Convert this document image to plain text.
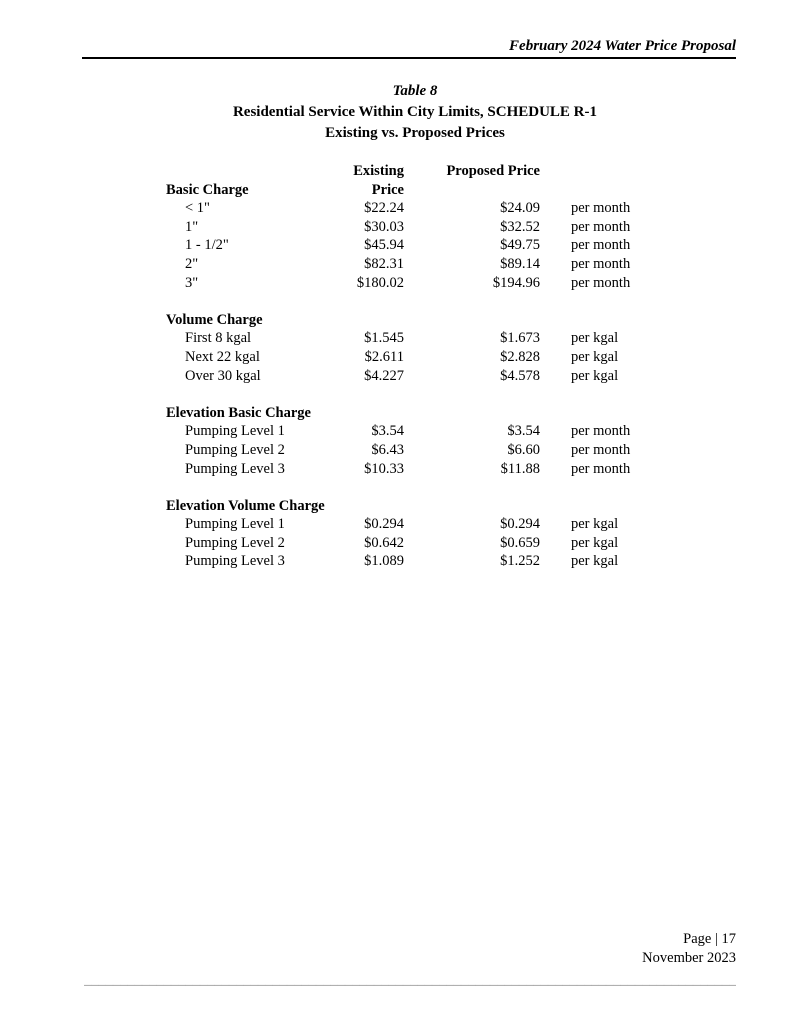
February 2024 Water Price Proposal
Table 8
Residential Service Within City Limits, SCHEDULE R-1
Existing vs. Proposed Prices
Existing Price
Proposed Price
Basic Charge
< 1"	$22.24	$24.09	per month
1"	$30.03	$32.52	per month
1 - 1/2"	$45.94	$49.75	per month
2"	$82.31	$89.14	per month
3"	$180.02	$194.96	per month
Volume Charge
First 8 kgal	$1.545	$1.673	per kgal
Next 22 kgal	$2.611	$2.828	per kgal
Over 30 kgal	$4.227	$4.578	per kgal
Elevation Basic Charge
Pumping Level 1	$3.54	$3.54	per month
Pumping Level 2	$6.43	$6.60	per month
Pumping Level 3	$10.33	$11.88	per month
Elevation Volume Charge
Pumping Level 1	$0.294	$0.294	per kgal
Pumping Level 2	$0.642	$0.659	per kgal
Pumping Level 3	$1.089	$1.252	per kgal
Page | 17
November 2023
__________________________________________________________________________________________
